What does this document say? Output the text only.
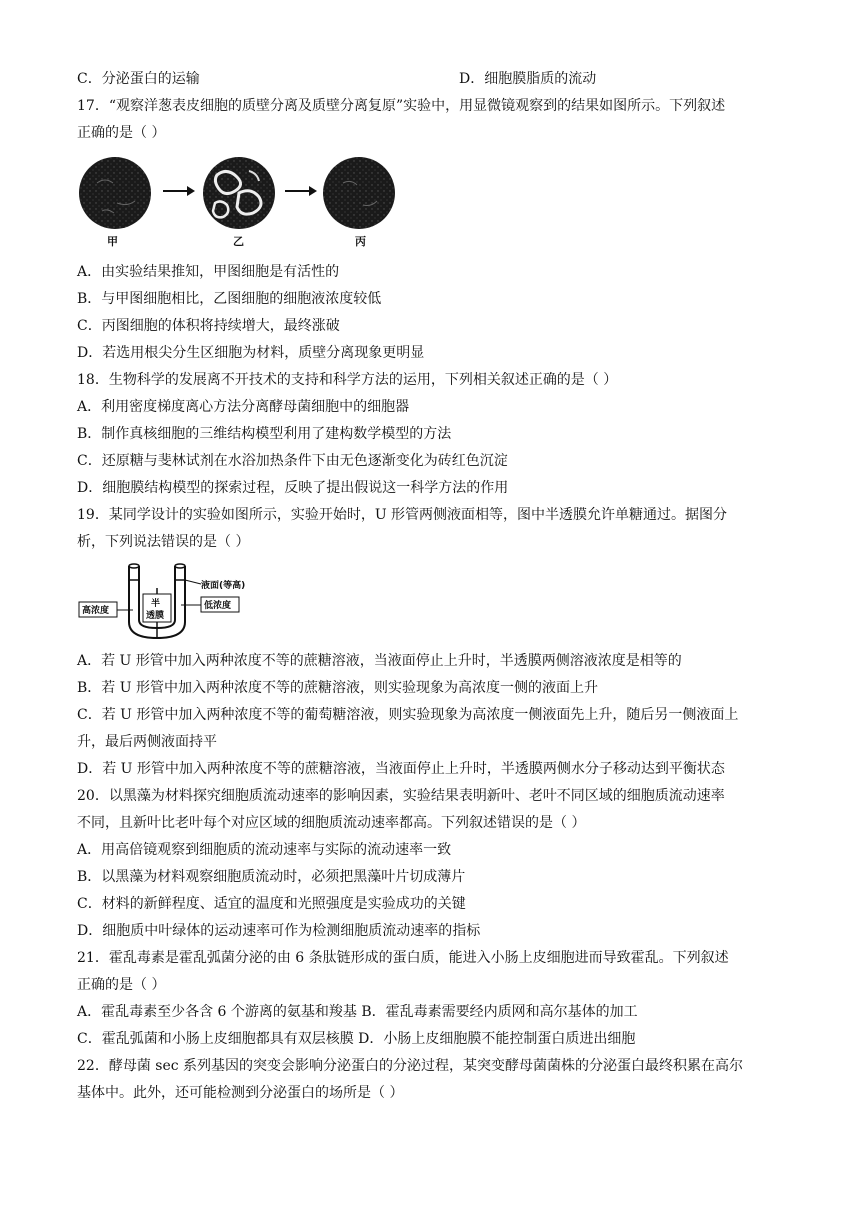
C．分泌蛋白的运输	D．细胞膜脂质的流动
17．“观察洋葱表皮细胞的质壁分离及质壁分离复原”实验中，用显微镜观察到的结果如图所示。下列叙述
正确的是（ ）
甲	乙	丙
A．由实验结果推知，甲图细胞是有活性的
B．与甲图细胞相比，乙图细胞的细胞液浓度较低
C．丙图细胞的体积将持续增大，最终涨破
D．若选用根尖分生区细胞为材料，质壁分离现象更明显
18．生物科学的发展离不开技术的支持和科学方法的运用，下列相关叙述正确的是（ ）
A．利用密度梯度离心方法分离酵母菌细胞中的细胞器
B．制作真核细胞的三维结构模型利用了建构数学模型的方法
C．还原糖与斐林试剂在水浴加热条件下由无色逐渐变化为砖红色沉淀
D．细胞膜结构模型的探索过程，反映了提出假说这一科学方法的作用
19．某同学设计的实验如图所示，实验开始时，U 形管两侧液面相等，图中半透膜允许单糖通过。据图分
析，下列说法错误的是（ ）
半
透膜
液面(等高)
高浓度	低浓度
A．若 U 形管中加入两种浓度不等的蔗糖溶液，当液面停止上升时，半透膜两侧溶液浓度是相等的
B．若 U 形管中加入两种浓度不等的蔗糖溶液，则实验现象为高浓度一侧的液面上升
C．若 U 形管中加入两种浓度不等的葡萄糖溶液，则实验现象为高浓度一侧液面先上升，随后另一侧液面上
升，最后两侧液面持平
D．若 U 形管中加入两种浓度不等的蔗糖溶液，当液面停止上升时，半透膜两侧水分子移动达到平衡状态
20．以黑藻为材料探究细胞质流动速率的影响因素，实验结果表明新叶、老叶不同区域的细胞质流动速率
不同，且新叶比老叶每个对应区域的细胞质流动速率都高。下列叙述错误的是（ ）
A．用高倍镜观察到细胞质的流动速率与实际的流动速率一致
B．以黑藻为材料观察细胞质流动时，必须把黑藻叶片切成薄片
C．材料的新鲜程度、适宜的温度和光照强度是实验成功的关键
D．细胞质中叶绿体的运动速率可作为检测细胞质流动速率的指标
21．霍乱毒素是霍乱弧菌分泌的由 6 条肽链形成的蛋白质，能进入小肠上皮细胞进而导致霍乱。下列叙述
正确的是（ ）
A．霍乱毒素至少各含 6 个游离的氨基和羧基 B．霍乱毒素需要经内质网和高尔基体的加工
C．霍乱弧菌和小肠上皮细胞都具有双层核膜 D．小肠上皮细胞膜不能控制蛋白质进出细胞
22．酵母菌 sec 系列基因的突变会影响分泌蛋白的分泌过程，某突变酵母菌菌株的分泌蛋白最终积累在高尔
基体中。此外，还可能检测到分泌蛋白的场所是（ ）
